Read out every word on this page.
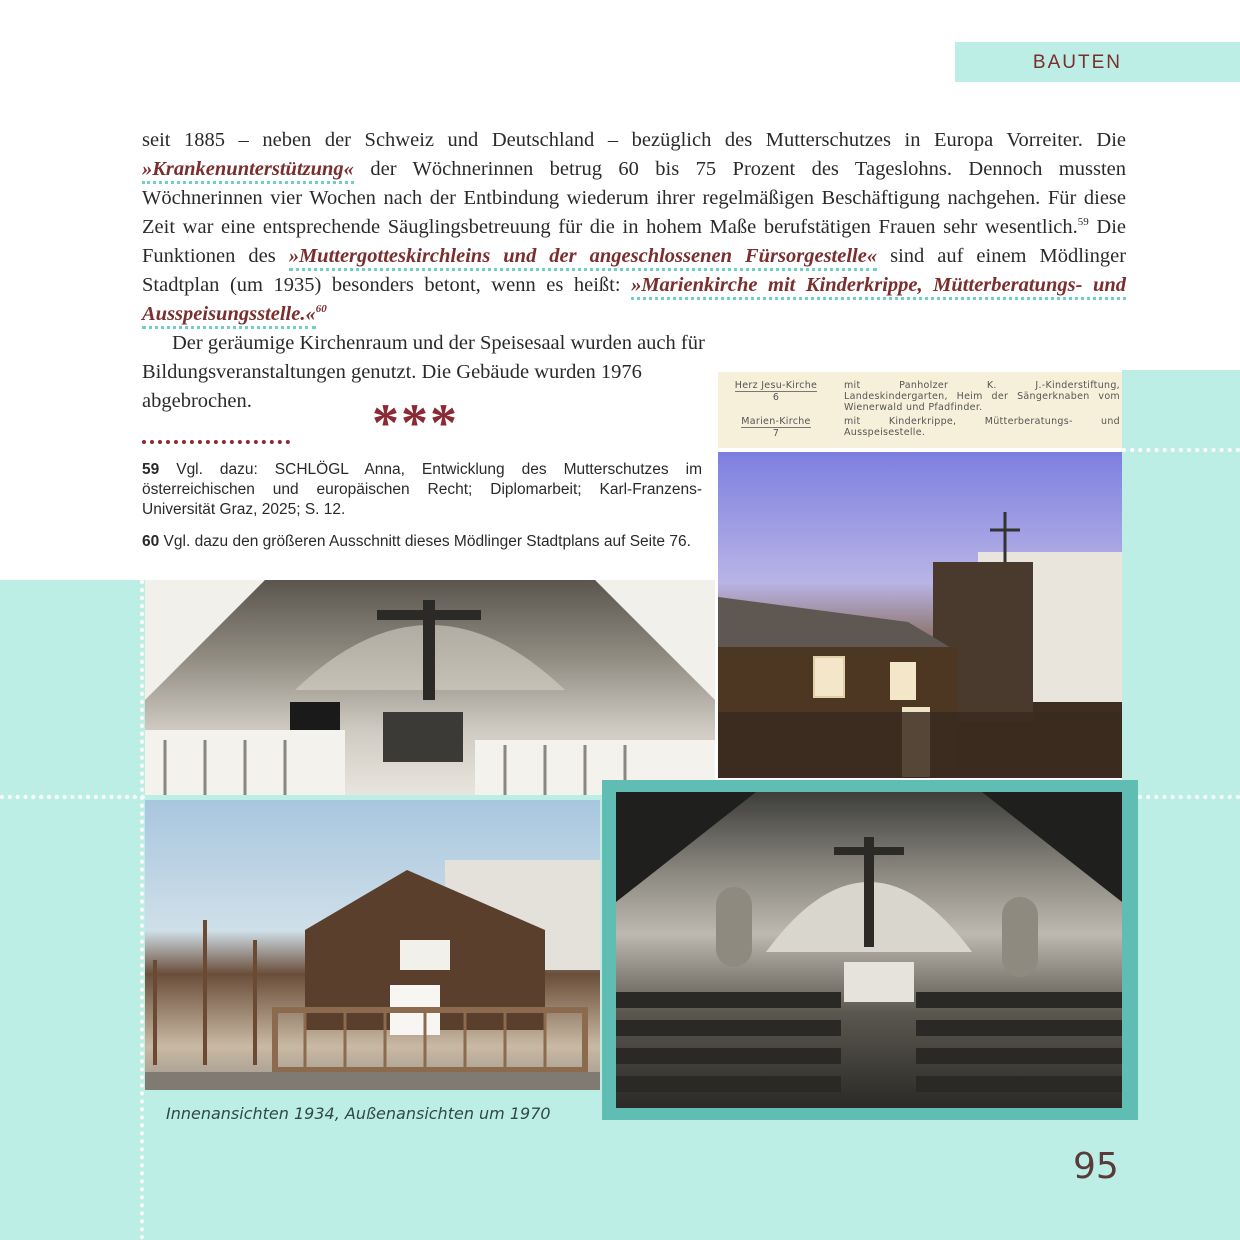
BAUTEN

seit 1885 – neben der Schweiz und Deutschland – bezüglich des Mutterschutzes in Europa Vorreiter. Die »Krankenunterstützung« der Wöchnerinnen betrug 60 bis 75 Prozent des Tageslohns. Dennoch mussten Wöchnerinnen vier Wochen nach der Entbindung wiederum ihrer regelmäßigen Beschäftigung nachgehen. Für diese Zeit war eine entsprechende Säuglingsbetreuung für die in hohem Maße berufstätigen Frauen sehr wesentlich.$^{59}$ Die Funktionen des »Muttergotteskirchleins und der angeschlossenen Fürsorgestelle« sind auf einem Mödlinger Stadtplan (um 1935) besonders betont, wenn es heißt: »Marienkirche mit Kinderkrippe, Mütterberatungs- und Ausspeisungsstelle.«$^{60}$

Der geräumige Kirchenraum und der Speisesaal wurden auch für Bildungsveranstaltungen genutzt. Die Gebäude wurden 1976 abgebrochen.	***

59 Vgl. dazu: SCHLÖGL Anna, Entwicklung des Mutterschutzes im österreichischen und europäischen Recht; Diplomarbeit; Karl-Franzens-Universität Graz, 2025; S. 12.

60 Vgl. dazu den größeren Ausschnitt dieses Mödlinger Stadtplans auf Seite 76.

Herz Jesu-Kirche
6
mit Panholzer K. J.-Kinderstiftung, Landeskindergarten, Heim der Sängerknaben vom Wienerwald und Pfadfinder.
Marien-Kirche
7
mit Kinderkrippe, Mütterberatungs- und Ausspeisestelle.
Innenansichten 1934, Außenansichten um 1970
95
